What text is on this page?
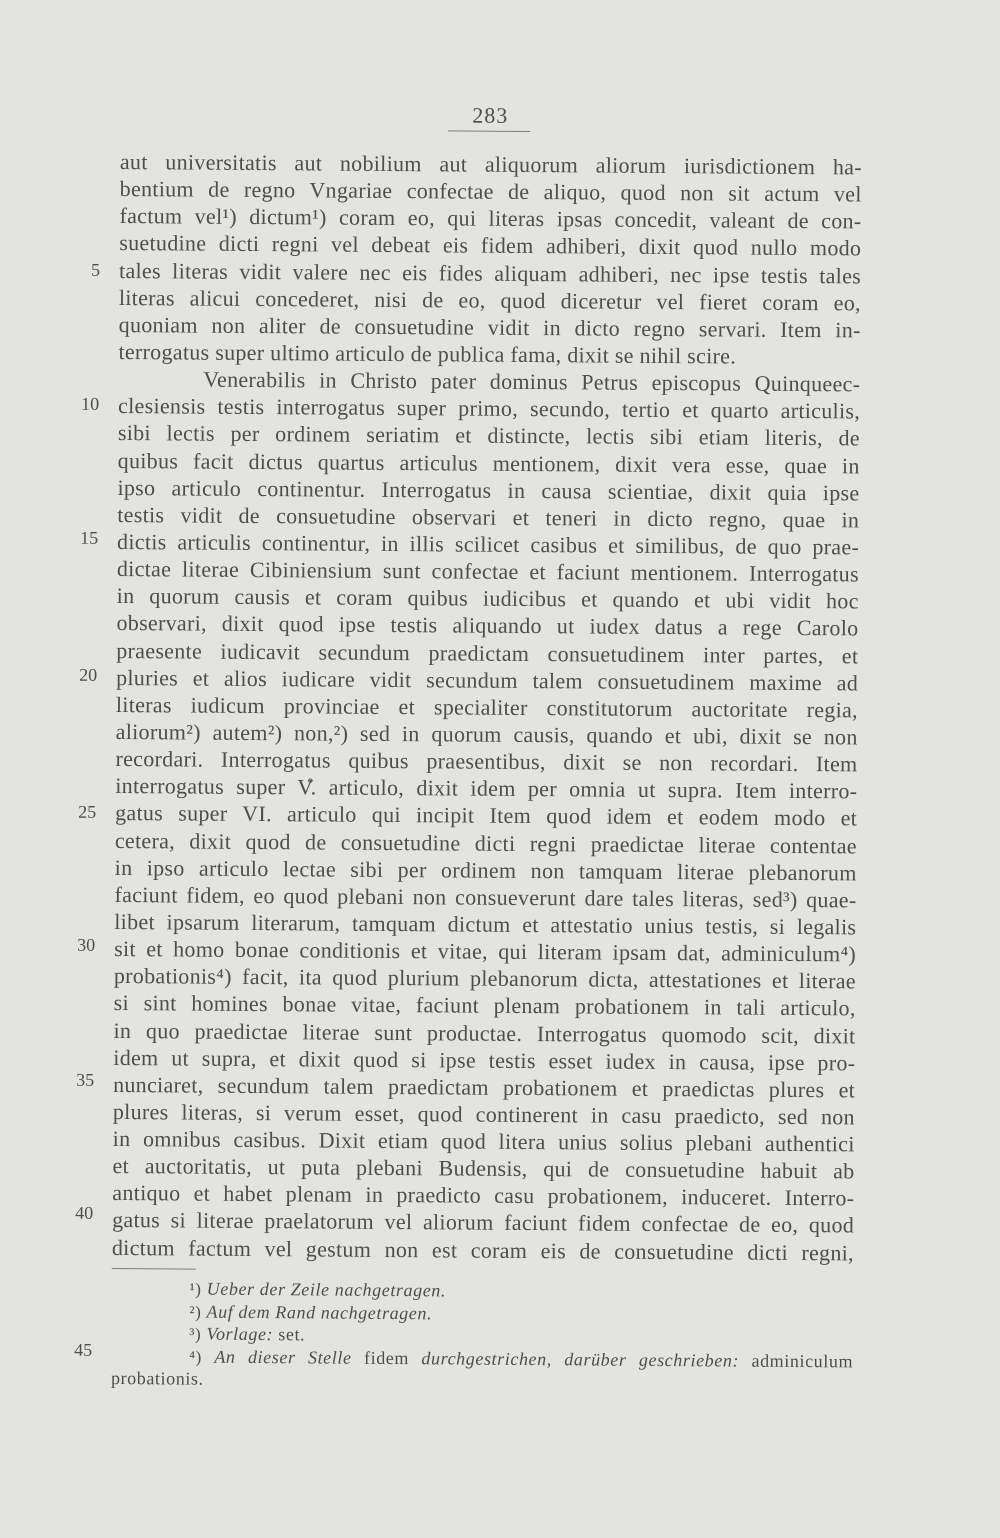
283
5
10
15
20
25
30
35
40
45
aut universitatis aut nobilium aut aliquorum aliorum iurisdictionem ha-
bentium de regno Vngariae confectae de aliquo, quod non sit actum vel
factum vel¹) dictum¹) coram eo, qui literas ipsas concedit, valeant de con-
suetudine dicti regni vel debeat eis fidem adhiberi, dixit quod nullo modo
tales literas vidit valere nec eis fides aliquam adhiberi, nec ipse testis tales
literas alicui concederet, nisi de eo, quod diceretur vel fieret coram eo,
quoniam non aliter de consuetudine vidit in dicto regno servari. Item in-
terrogatus super ultimo articulo de publica fama, dixit se nihil scire.
Venerabilis in Christo pater dominus Petrus episcopus Quinqueec-
clesiensis testis interrogatus super primo, secundo, tertio et quarto articulis,
sibi lectis per ordinem seriatim et distincte, lectis sibi etiam literis, de
quibus facit dictus quartus articulus mentionem, dixit vera esse, quae in
ipso articulo continentur. Interrogatus in causa scientiae, dixit quia ipse
testis vidit de consuetudine observari et teneri in dicto regno, quae in
dictis articulis continentur, in illis scilicet casibus et similibus, de quo prae-
dictae literae Cibiniensium sunt confectae et faciunt mentionem. Interrogatus
in quorum causis et coram quibus iudicibus et quando et ubi vidit hoc
observari, dixit quod ipse testis aliquando ut iudex datus a rege Carolo
praesente iudicavit secundum praedictam consuetudinem inter partes, et
pluries et alios iudicare vidit secundum talem consuetudinem maxime ad
literas iudicum provinciae et specialiter constitutorum auctoritate regia,
aliorum²) autem²) non,²) sed in quorum causis, quando et ubi, dixit se non
recordari. Interrogatus quibus praesentibus, dixit se non recordari. Item
interrogatus super V̊. articulo, dixit idem per omnia ut supra. Item interro-
gatus super VI. articulo qui incipit Item quod idem et eodem modo et
cetera, dixit quod de consuetudine dicti regni praedictae literae contentae
in ipso articulo lectae sibi per ordinem non tamquam literae plebanorum
faciunt fidem, eo quod plebani non consueverunt dare tales literas, sed³) quae-
libet ipsarum literarum, tamquam dictum et attestatio unius testis, si legalis
sit et homo bonae conditionis et vitae, qui literam ipsam dat, adminiculum⁴)
probationis⁴) facit, ita quod plurium plebanorum dicta, attestationes et literae
si sint homines bonae vitae, faciunt plenam probationem in tali articulo,
in quo praedictae literae sunt productae. Interrogatus quomodo scit, dixit
idem ut supra, et dixit quod si ipse testis esset iudex in causa, ipse pro-
nunciaret, secundum talem praedictam probationem et praedictas plures et
plures literas, si verum esset, quod continerent in casu praedicto, sed non
in omnibus casibus. Dixit etiam quod litera unius solius plebani authentici
et auctoritatis, ut puta plebani Budensis, qui de consuetudine habuit ab
antiquo et habet plenam in praedicto casu probationem, induceret. Interro-
gatus si literae praelatorum vel aliorum faciunt fidem confectae de eo, quod
dictum factum vel gestum non est coram eis de consuetudine dicti regni,
¹) Ueber der Zeile nachgetragen.
²) Auf dem Rand nachgetragen.
³) Vorlage: set.
⁴) An dieser Stelle fidem durchgestrichen, darüber geschrieben: adminiculum
probationis.
